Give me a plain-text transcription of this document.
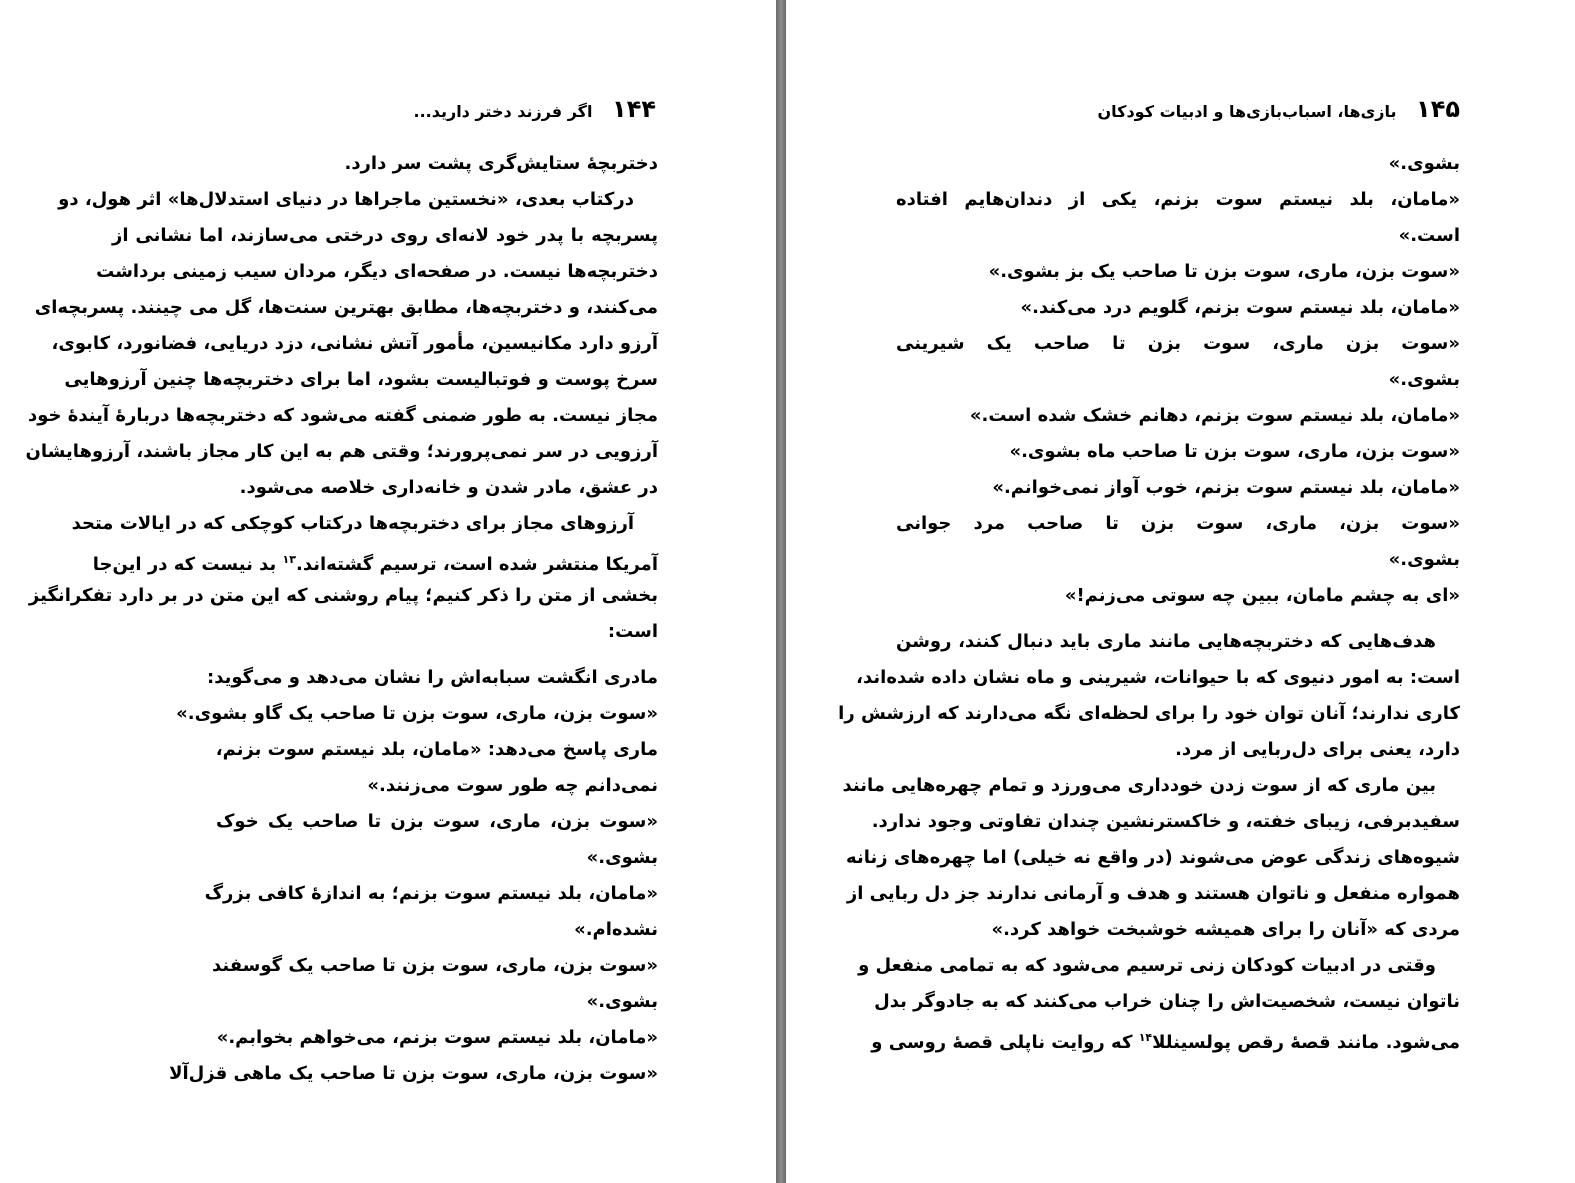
۱۴۴ اگر فرزند دختر دارید...
دختربچهٔ ستایش‌گری پشت سر دارد.
درکتاب بعدی، «نخستین ماجراها در دنیای استدلال‌ها» اثر هول، دو
پسربچه با پدر خود لانه‌ای روی درختی می‌سازند، اما نشانی از
دختربچه‌ها نیست. در صفحه‌ای دیگر، مردان سیب زمینی برداشت
می‌کنند، و دختربچه‌ها، مطابق بهترین سنت‌ها، گل می چینند. پسربچه‌ای
آرزو دارد مکانیسین، مأمور آتش نشانی، دزد دریایی، فضانورد، کابوی،
سرخ پوست و فوتبالیست بشود، اما برای دختربچه‌ها چنین آرزوهایی
مجاز نیست. به طور ضمنی گفته می‌شود که دختربچه‌ها دربارهٔ آیندهٔ خود
آرزویی در سر نمی‌پرورند؛ وقتی هم به این کار مجاز باشند، آرزوهایشان
در عشق، مادر شدن و خانه‌داری خلاصه می‌شود.
آرزوهای مجاز برای دختربچه‌ها درکتاب کوچکی که در ایالات متحد
آمریکا منتشر شده است، ترسیم گشته‌اند.$^{۱۳}$ بد نیست که در این‌جا
بخشی از متن را ذکر کنیم؛ پیام روشنی که این متن در بر دارد تفکرانگیز
است:
مادری انگشت سبابه‌اش را نشان می‌دهد و می‌گوید:
«سوت بزن، ماری، سوت بزن تا صاحب یک گاو بشوی.»
ماری پاسخ می‌دهد: «مامان، بلد نیستم سوت بزنم،
نمی‌دانم چه طور سوت می‌زنند.»
«سوت بزن، ماری، سوت بزن تا صاحب یک خوک
بشوی.»
«مامان، بلد نیستم سوت بزنم؛ به اندازهٔ کافی بزرگ
نشده‌ام.»
«سوت بزن، ماری، سوت بزن تا صاحب یک گوسفند
بشوی.»
«مامان، بلد نیستم سوت بزنم، می‌خواهم بخوابم.»
«سوت بزن، ماری، سوت بزن تا صاحب یک ماهی قزل‌آلا
۱۴۵ بازی‌ها، اسباب‌بازی‌ها و ادبیات کودکان
بشوی.»
«مامان، بلد نیستم سوت بزنم، یکی از دندان‌هایم افتاده
است.»
«سوت بزن، ماری، سوت بزن تا صاحب یک بز بشوی.»
«مامان، بلد نیستم سوت بزنم، گلویم درد می‌کند.»
«سوت بزن ماری، سوت بزن تا صاحب یک شیرینی
بشوی.»
«مامان، بلد نیستم سوت بزنم، دهانم خشک شده است.»
«سوت بزن، ماری، سوت بزن تا صاحب ماه بشوی.»
«مامان، بلد نیستم سوت بزنم، خوب آواز نمی‌خوانم.»
«سوت بزن، ماری، سوت بزن تا صاحب مرد جوانی
بشوی.»
«ای به چشم مامان، ببین چه سوتی می‌زنم!»
هدف‌هایی که دختربچه‌هایی مانند ماری باید دنبال کنند، روشن
است: به امور دنیوی که با حیوانات، شیرینی و ماه نشان داده شده‌اند،
کاری ندارند؛ آنان توان خود را برای لحظه‌ای نگه می‌دارند که ارزشش را
دارد، یعنی برای دل‌ربایی از مرد.
بین ماری که از سوت زدن خودداری می‌ورزد و تمام چهره‌هایی مانند
سفیدبرفی، زیبای خفته، و خاکسترنشین چندان تفاوتی وجود ندارد.
شیوه‌های زندگی عوض می‌شوند (در واقع نه خیلی) اما چهره‌های زنانه
همواره منفعل و ناتوان هستند و هدف و آرمانی ندارند جز دل ربایی از
مردی که «آنان را برای همیشه خوشبخت خواهد کرد.»
وقتی در ادبیات کودکان زنی ترسیم می‌شود که به تمامی منفعل و
ناتوان نیست، شخصیت‌اش را چنان خراب می‌کنند که به جادوگر بدل
می‌شود. مانند قصهٔ رقص پولسینللا$^{۱۴}$ که روایت ناپلی قصهٔ روسی و
